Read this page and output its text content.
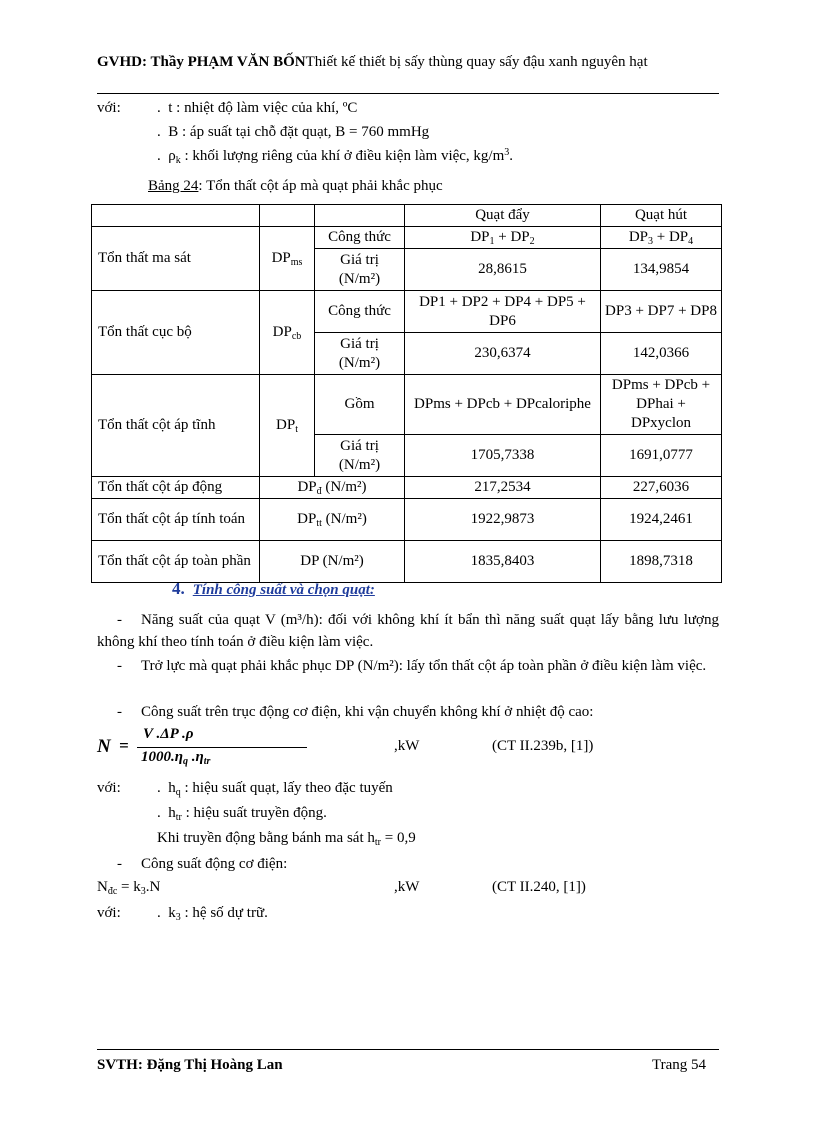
GVHD: Thầy PHẠM VĂN BỐNThiết kế thiết bị sấy thùng quay sấy đậu xanh nguyên hạt
với: . t : nhiệt độ làm việc của khí, ºC
. B : áp suất tại chỗ đặt quạt, B = 760 mmHg
. $\rho_k$ : khối lượng riêng của khí ở điều kiện làm việc, $kg/m^3$.
Bảng 24: Tổn thất cột áp mà quạt phải khắc phục
			Quạt đẩy	Quạt hút
Tổn thất ma sát	$DP_{ms}$	Công thức	$DP_1 + DP_2$	$DP_3 + DP_4$
		Giá trị (N/m²)	28,8615	134,9854
Tổn thất cục bộ	$DP_{cb}$	Công thức	DP1 + DP2 + DP4 + DP5 + DP6	DP3 + DP7 + DP8
		Giá trị (N/m²)	230,6374	142,0366
Tổn thất cột áp tĩnh	$DP_t$	Gồm	DPms + DPcb + DPcaloriphe	DPms + DPcb + DPhai + DPxyclon
		Giá trị (N/m²)	1705,7338	1691,0777
Tổn thất cột áp động	$DP_đ$ (N/m²)		217,2534	227,6036
Tổn thất cột áp tính toán	$DP_{tt}$ (N/m²)		1922,9873	1924,2461
Tổn thất cột áp toàn phần	DP (N/m²)		1835,8403	1898,7318
4. Tính công suất và chọn quạt:
- Năng suất của quạt V (m³/h): đối với không khí ít bẩn thì năng suất quạt lấy bằng lưu lượng không khí theo tính toán ở điều kiện làm việc.
- Trở lực mà quạt phải khắc phục DP (N/m²): lấy tổn thất cột áp toàn phần ở điều kiện làm việc.
- Công suất trên trục động cơ điện, khi vận chuyển không khí ở nhiệt độ cao:
N =
V .ΔP .ρ
$1000.\eta_q$ $.\eta_{tr}$
,kW	(CT II.239b, [1])
với: . $h_q$ : hiệu suất quạt, lấy theo đặc tuyến
. $h_{tr}$ : hiệu suất truyền động.
Khi truyền động bằng bánh ma sát $h_{tr} = 0,9$
- Công suất động cơ điện:
$N_{đc} = k_3.N$	,kW	(CT II.240, [1])
với: . $k_3$ : hệ số dự trữ.
SVTH: Đặng Thị Hoàng Lan	Trang 54
